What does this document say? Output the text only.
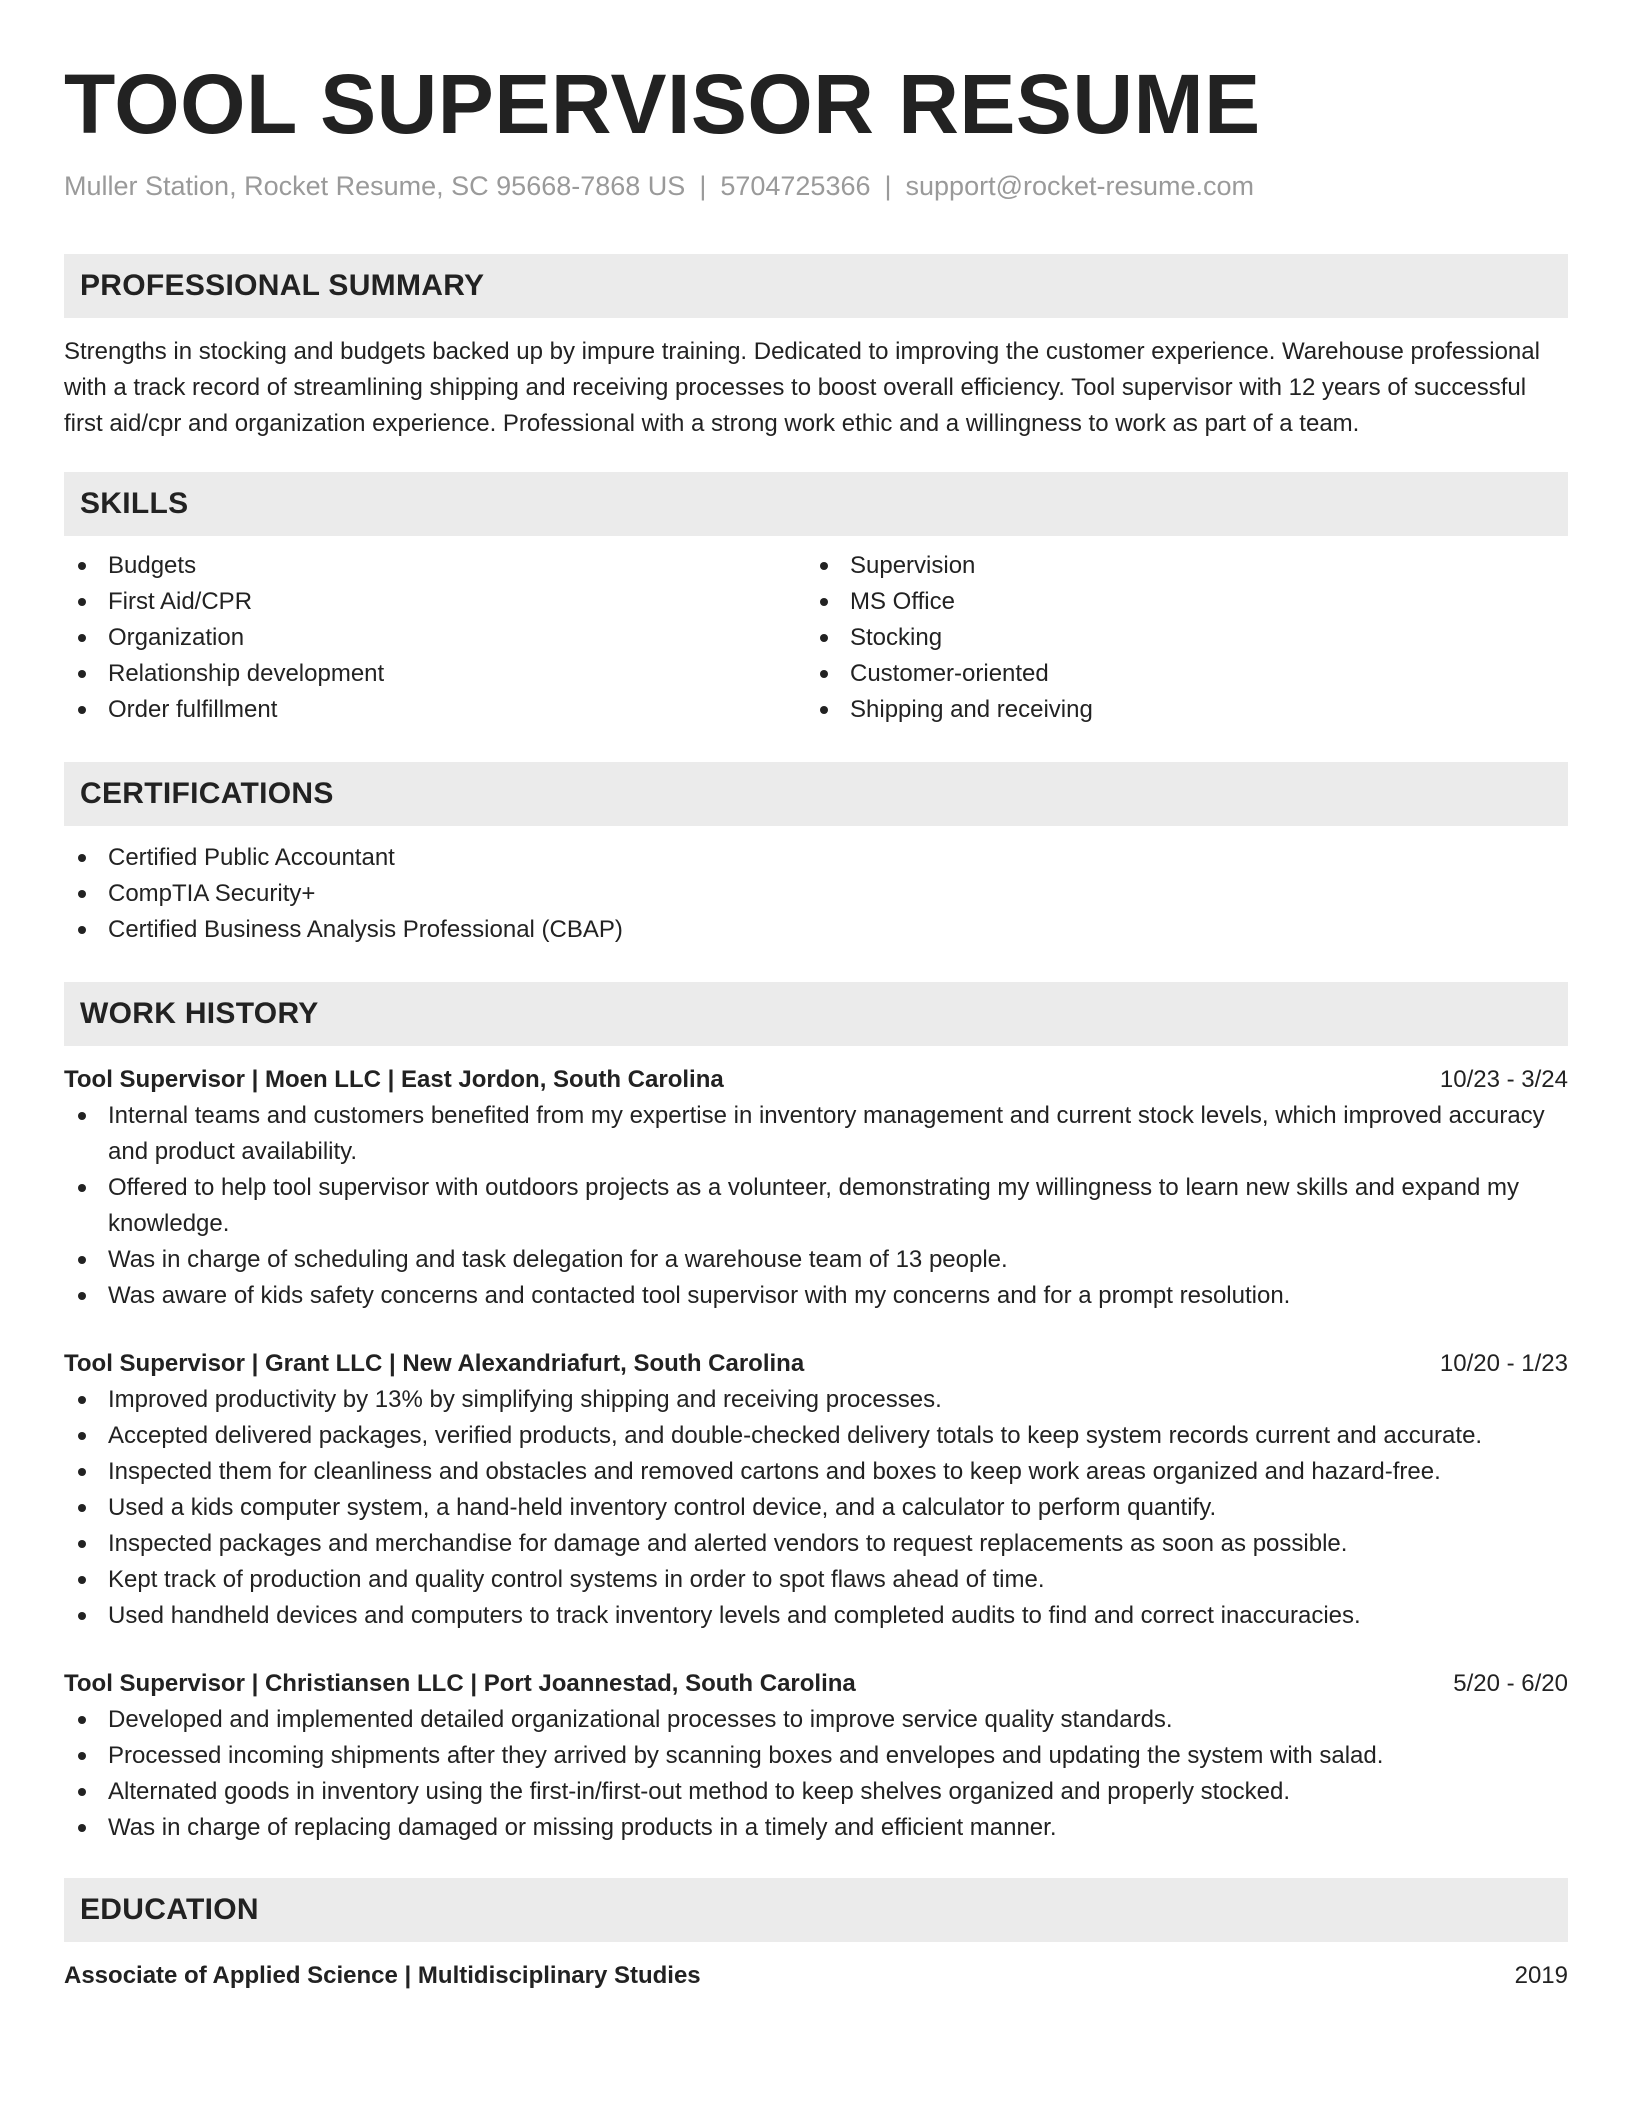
TOOL SUPERVISOR RESUME
Muller Station, Rocket Resume, SC 95668-7868 US | 5704725366 | support@rocket-resume.com
PROFESSIONAL SUMMARY

Strengths in stocking and budgets backed up by impure training. Dedicated to improving the customer experience. Warehouse professional with a track record of streamlining shipping and receiving processes to boost overall efficiency. Tool supervisor with 12 years of successful first aid/cpr and organization experience. Professional with a strong work ethic and a willingness to work as part of a team.

SKILLS
Budgets
First Aid/CPR
Organization
Relationship development
Order fulfillment
Supervision
MS Office
Stocking
Customer-oriented
Shipping and receiving
CERTIFICATIONS
Certified Public Accountant
CompTIA Security+
Certified Business Analysis Professional (CBAP)
WORK HISTORY
Tool Supervisor | Moen LLC | East Jordon, South Carolina	10/23 - 3/24
Internal teams and customers benefited from my expertise in inventory management and current stock levels, which improved accuracy and product availability.
Offered to help tool supervisor with outdoors projects as a volunteer, demonstrating my willingness to learn new skills and expand my knowledge.
Was in charge of scheduling and task delegation for a warehouse team of 13 people.
Was aware of kids safety concerns and contacted tool supervisor with my concerns and for a prompt resolution.
Tool Supervisor | Grant LLC | New Alexandriafurt, South Carolina	10/20 - 1/23
Improved productivity by 13% by simplifying shipping and receiving processes.
Accepted delivered packages, verified products, and double-checked delivery totals to keep system records current and accurate.
Inspected them for cleanliness and obstacles and removed cartons and boxes to keep work areas organized and hazard-free.
Used a kids computer system, a hand-held inventory control device, and a calculator to perform quantify.
Inspected packages and merchandise for damage and alerted vendors to request replacements as soon as possible.
Kept track of production and quality control systems in order to spot flaws ahead of time.
Used handheld devices and computers to track inventory levels and completed audits to find and correct inaccuracies.
Tool Supervisor | Christiansen LLC | Port Joannestad, South Carolina	5/20 - 6/20
Developed and implemented detailed organizational processes to improve service quality standards.
Processed incoming shipments after they arrived by scanning boxes and envelopes and updating the system with salad.
Alternated goods in inventory using the first-in/first-out method to keep shelves organized and properly stocked.
Was in charge of replacing damaged or missing products in a timely and efficient manner.
EDUCATION
Associate of Applied Science | Multidisciplinary Studies	2019
